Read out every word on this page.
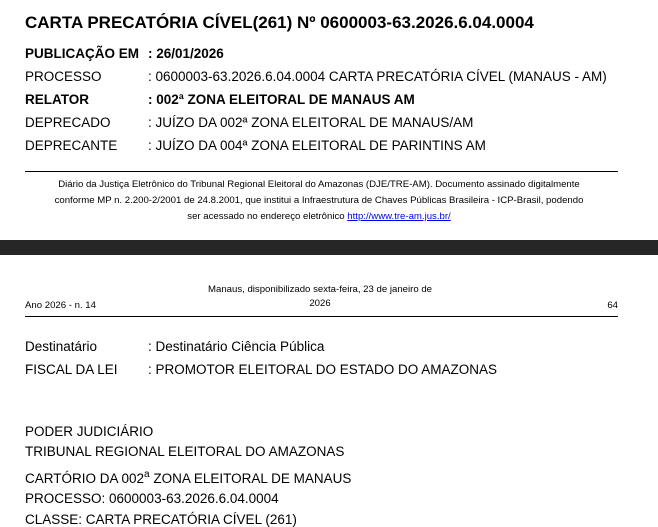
CARTA PRECATÓRIA CÍVEL(261) Nº 0600003-63.2026.6.04.0004
PUBLICAÇÃO EM : 26/01/2026
PROCESSO	: 0600003-63.2026.6.04.0004 CARTA PRECATÓRIA CÍVEL (MANAUS - AM)
RELATOR	: 002ª ZONA ELEITORAL DE MANAUS AM
DEPRECADO	: JUÍZO DA 002ª ZONA ELEITORAL DE MANAUS/AM
DEPRECANTE : JUÍZO DA 004ª ZONA ELEITORAL DE PARINTINS AM
Diário da Justiça Eletrônico do Tribunal Regional Eleitoral do Amazonas (DJE/TRE-AM). Documento assinado digitalmente
conforme MP n. 2.200-2/2001 de 24.8.2001, que institui a Infraestrutura de Chaves Públicas Brasileira - ICP-Brasil, podendo
ser acessado no endereço eletrônico http://www.tre-am.jus.br/
Ano 2026 - n. 14
Manaus, disponibilizado sexta-feira, 23 de janeiro de
2026	64
Destinatário	: Destinatário Ciência Pública
FISCAL DA LEI : PROMOTOR ELEITORAL DO ESTADO DO AMAZONAS
PODER JUDICIÁRIO
TRIBUNAL REGIONAL ELEITORAL DO AMAZONAS
CARTÓRIO DA 002$^a$ ZONA ELEITORAL DE MANAUS
PROCESSO: 0600003-63.2026.6.04.0004
CLASSE: CARTA PRECATÓRIA CÍVEL (261)
